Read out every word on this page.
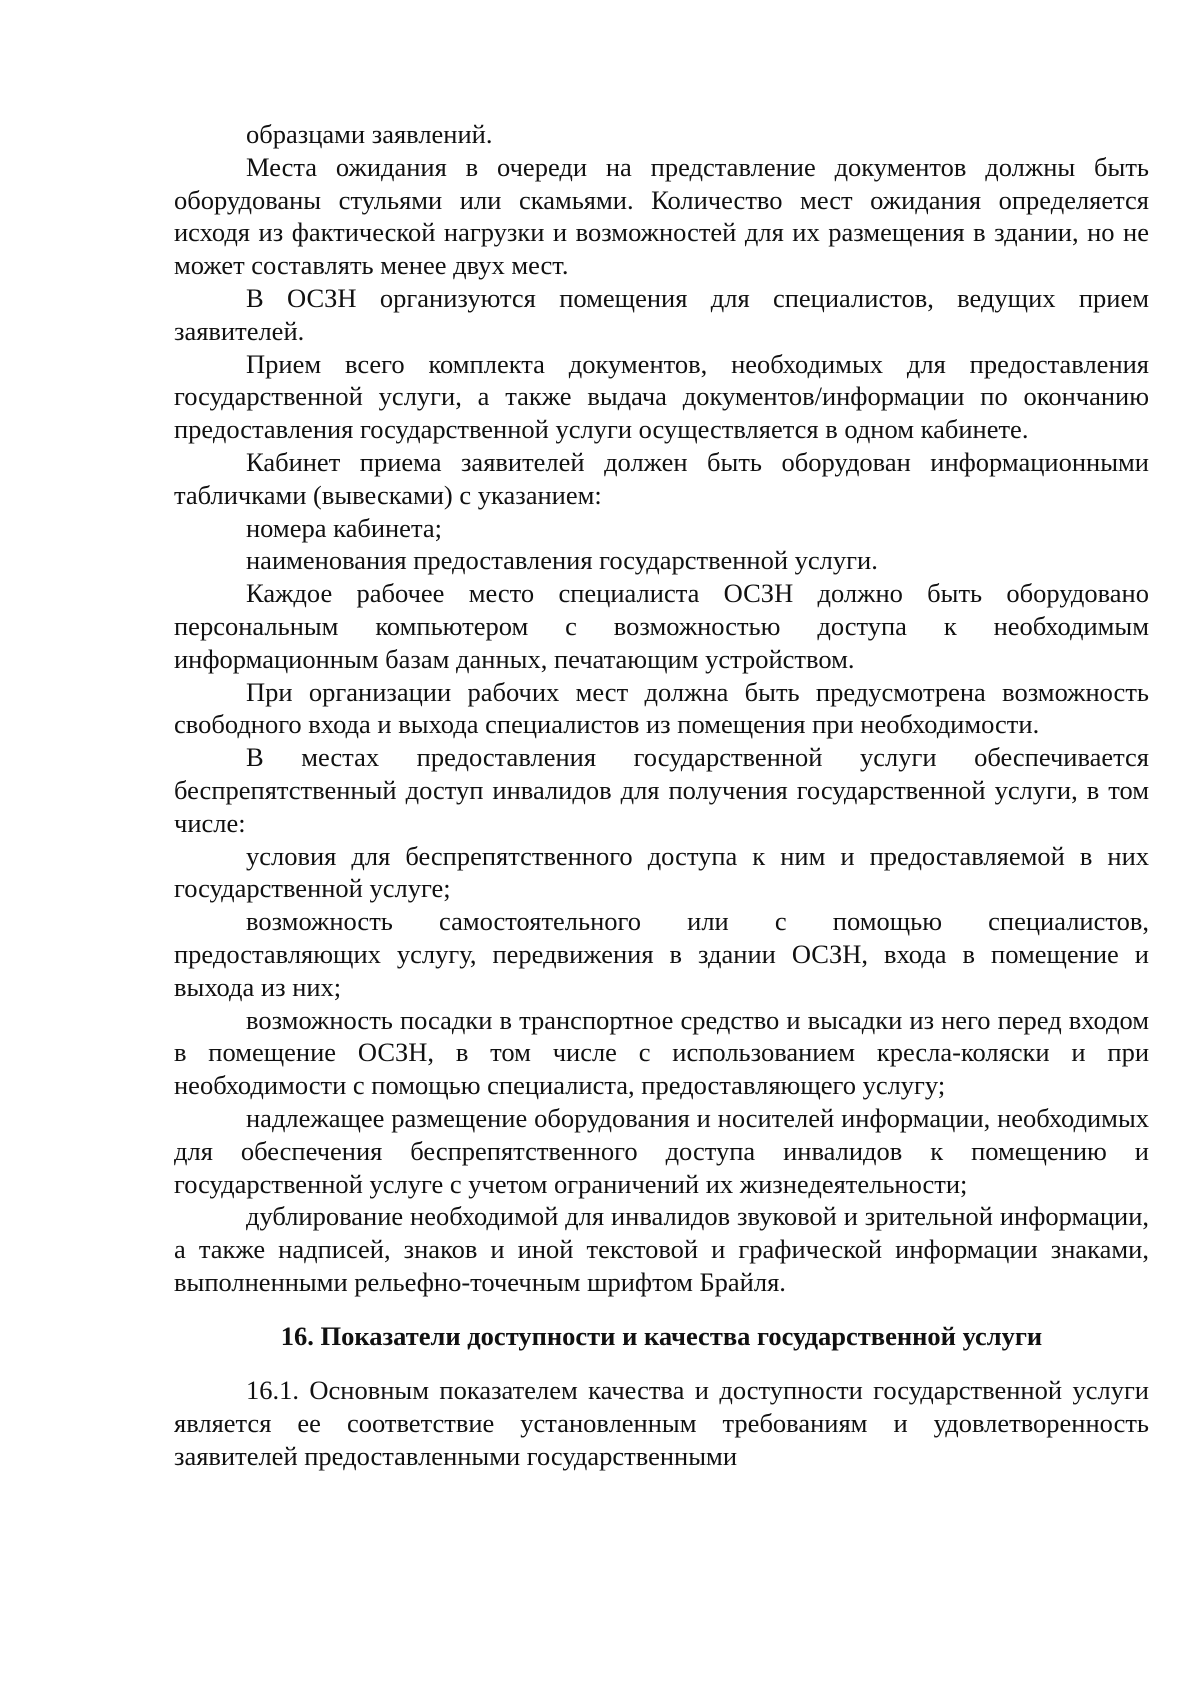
образцами заявлений.

Места ожидания в очереди на представление документов должны быть оборудованы стульями или скамьями. Количество мест ожидания определяется исходя из фактической нагрузки и возможностей для их размещения в здании, но не может составлять менее двух мест.

В ОСЗН организуются помещения для специалистов, ведущих прием заявителей.

Прием всего комплекта документов, необходимых для предоставления государственной услуги, а также выдача документов/информации по окончанию предоставления государственной услуги осуществляется в одном кабинете.

Кабинет приема заявителей должен быть оборудован информационными табличками (вывесками) с указанием:

номера кабинета;

наименования предоставления государственной услуги.

Каждое рабочее место специалиста ОСЗН должно быть оборудовано персональным компьютером с возможностью доступа к необходимым информационным базам данных, печатающим устройством.

При организации рабочих мест должна быть предусмотрена возможность свободного входа и выхода специалистов из помещения при необходимости.

В местах предоставления государственной услуги обеспечивается беспрепятственный доступ инвалидов для получения государственной услуги, в том числе:

условия для беспрепятственного доступа к ним и предоставляемой в них государственной услуге;

возможность самостоятельного или с помощью специалистов, предоставляющих услугу, передвижения в здании ОСЗН, входа в помещение и выхода из них;

возможность посадки в транспортное средство и высадки из него перед входом в помещение ОСЗН, в том числе с использованием кресла-коляски и при необходимости с помощью специалиста, предоставляющего услугу;

надлежащее размещение оборудования и носителей информации, необходимых для обеспечения беспрепятственного доступа инвалидов к помещению и государственной услуге с учетом ограничений их жизнедеятельности;

дублирование необходимой для инвалидов звуковой и зрительной информации, а также надписей, знаков и иной текстовой и графической информации знаками, выполненными рельефно-точечным шрифтом Брайля.

16. Показатели доступности и качества государственной услуги

16.1. Основным показателем качества и доступности государственной услуги является ее соответствие установленным требованиям и удовлетворенность заявителей предоставленными государственными
